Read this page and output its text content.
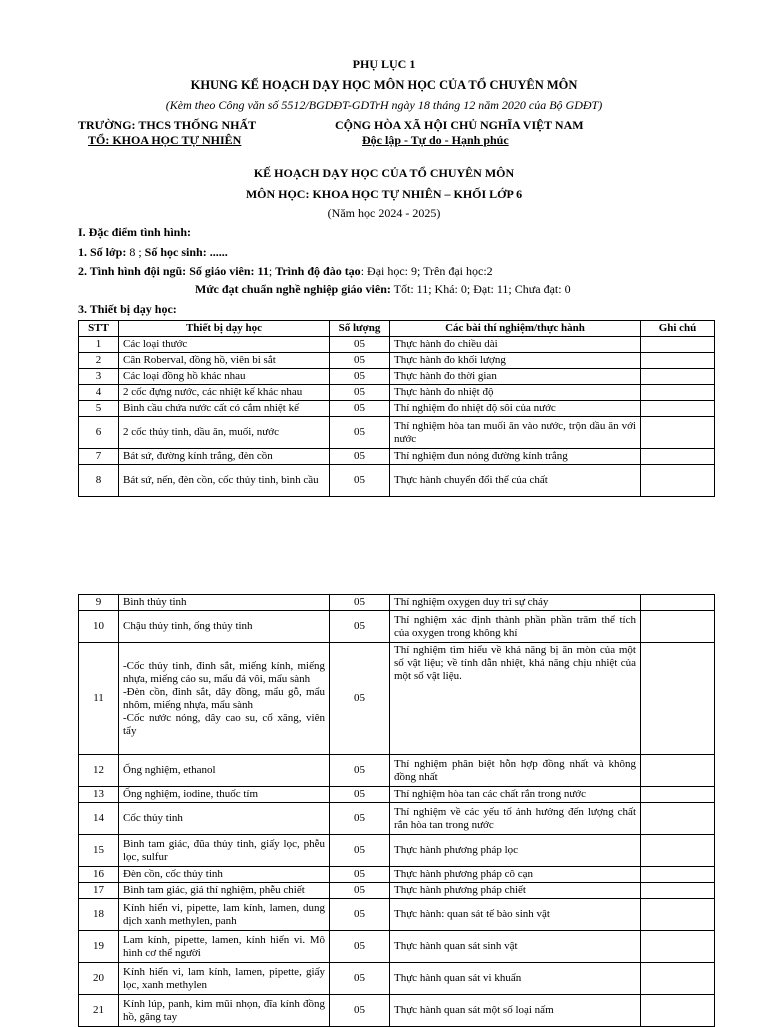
PHỤ LỤC 1
KHUNG KẾ HOẠCH DẠY HỌC MÔN HỌC CỦA TỔ CHUYÊN MÔN
(Kèm theo Công văn số 5512/BGDĐT-GDTrH ngày 18 tháng 12 năm 2020 của Bộ GDĐT)
TRƯỜNG: THCS THỐNG NHẤT
TỔ: KHOA HỌC TỰ NHIÊN
CỘNG HÒA XÃ HỘI CHỦ NGHĨA VIỆT NAM
Độc lập - Tự do - Hạnh phúc
KẾ HOẠCH DẠY HỌC CỦA TỔ CHUYÊN MÔN
MÔN HỌC: KHOA HỌC TỰ NHIÊN – KHỐI LỚP 6
(Năm học 2024 - 2025)
I. Đặc điểm tình hình:
1. Số lớp: 8 ; Số học sinh: ......
2. Tình hình đội ngũ: Số giáo viên: 11; Trình độ đào tạo: Đại học: 9; Trên đại học:2
Mức đạt chuẩn nghề nghiệp giáo viên: Tốt: 11; Khá: 0; Đạt: 11; Chưa đạt: 0
3. Thiết bị dạy học:
STT	Thiết bị dạy học	Số lượng	Các bài thí nghiệm/thực hành	Ghi chú
1	Các loại thước	05	Thực hành đo chiều dài	
2	Cân Roberval, đồng hồ, viên bi sắt	05	Thực hành đo khối lượng	
3	Các loại đồng hồ khác nhau	05	Thực hành đo thời gian	
4	2 cốc đựng nước, các nhiệt kế khác nhau	05	Thực hành đo nhiệt độ	
5	Bình cầu chứa nước cất có cắm nhiệt kế	05	Thí nghiệm đo nhiệt độ sôi của nước	
6	2 cốc thủy tinh, dầu ăn, muối, nước	05	Thí nghiệm hòa tan muối ăn vào nước, trộn dầu ăn với nước	
7	Bát sứ, đường kính trắng, đèn cồn	05	Thí nghiệm đun nóng đường kính trắng	
8	Bát sứ, nến, đèn cồn, cốc thủy tinh, bình cầu	05	Thực hành chuyển đổi thể của chất	
9	Bình thủy tinh	05	Thí nghiệm oxygen duy trì sự cháy	
10	Chậu thủy tinh, ống thủy tinh	05	Thí nghiệm xác định thành phần phần trăm thể tích của oxygen trong không khí	
11	-Cốc thủy tinh, đinh sắt, miếng kính, miếng nhựa, miếng cáo su, mẩu đá vôi, mẩu sành
-Đèn cồn, đinh sắt, dây đồng, mẩu gỗ, mẩu nhôm, miếng nhựa, mẩu sành
-Cốc nước nóng, dây cao su, cổ xăng, viên tẩy	05	Thí nghiệm tìm hiểu về khả năng bị ăn mòn của một số vật liệu; về tính dẫn nhiệt, khả năng chịu nhiệt của một số vật liệu.	
12	Ống nghiệm, ethanol	05	Thí nghiệm phân biệt hỗn hợp đồng nhất và không đồng nhất	
13	Ống nghiệm, iodine, thuốc tím	05	Thí nghiệm hòa tan các chất rắn trong nước	
14	Cốc thủy tinh	05	Thí nghiệm về các yếu tố ảnh hưởng đến lượng chất rắn hòa tan trong nước	
15	Bình tam giác, đũa thủy tinh, giấy lọc, phễu lọc, sulfur	05	Thực hành phương pháp lọc	
16	Đèn cồn, cốc thủy tinh	05	Thực hành phương pháp cô cạn	
17	Bình tam giác, giá thí nghiệm, phễu chiết	05	Thực hành phương pháp chiết	
18	Kính hiển vi, pipette, lam kính, lamen, dung dịch xanh methylen, panh	05	Thực hành: quan sát tế bào sinh vật	
19	Lam kính, pipette, lamen, kính hiển vi. Mô hình cơ thể người	05	Thực hành quan sát sinh vật	
20	Kính hiển vi, lam kính, lamen, pipette, giấy lọc, xanh methylen	05	Thực hành quan sát vi khuẩn	
21	Kính lúp, panh, kim mũi nhọn, đĩa kính đồng hồ, găng tay	05	Thực hành quan sát một số loại nấm	
